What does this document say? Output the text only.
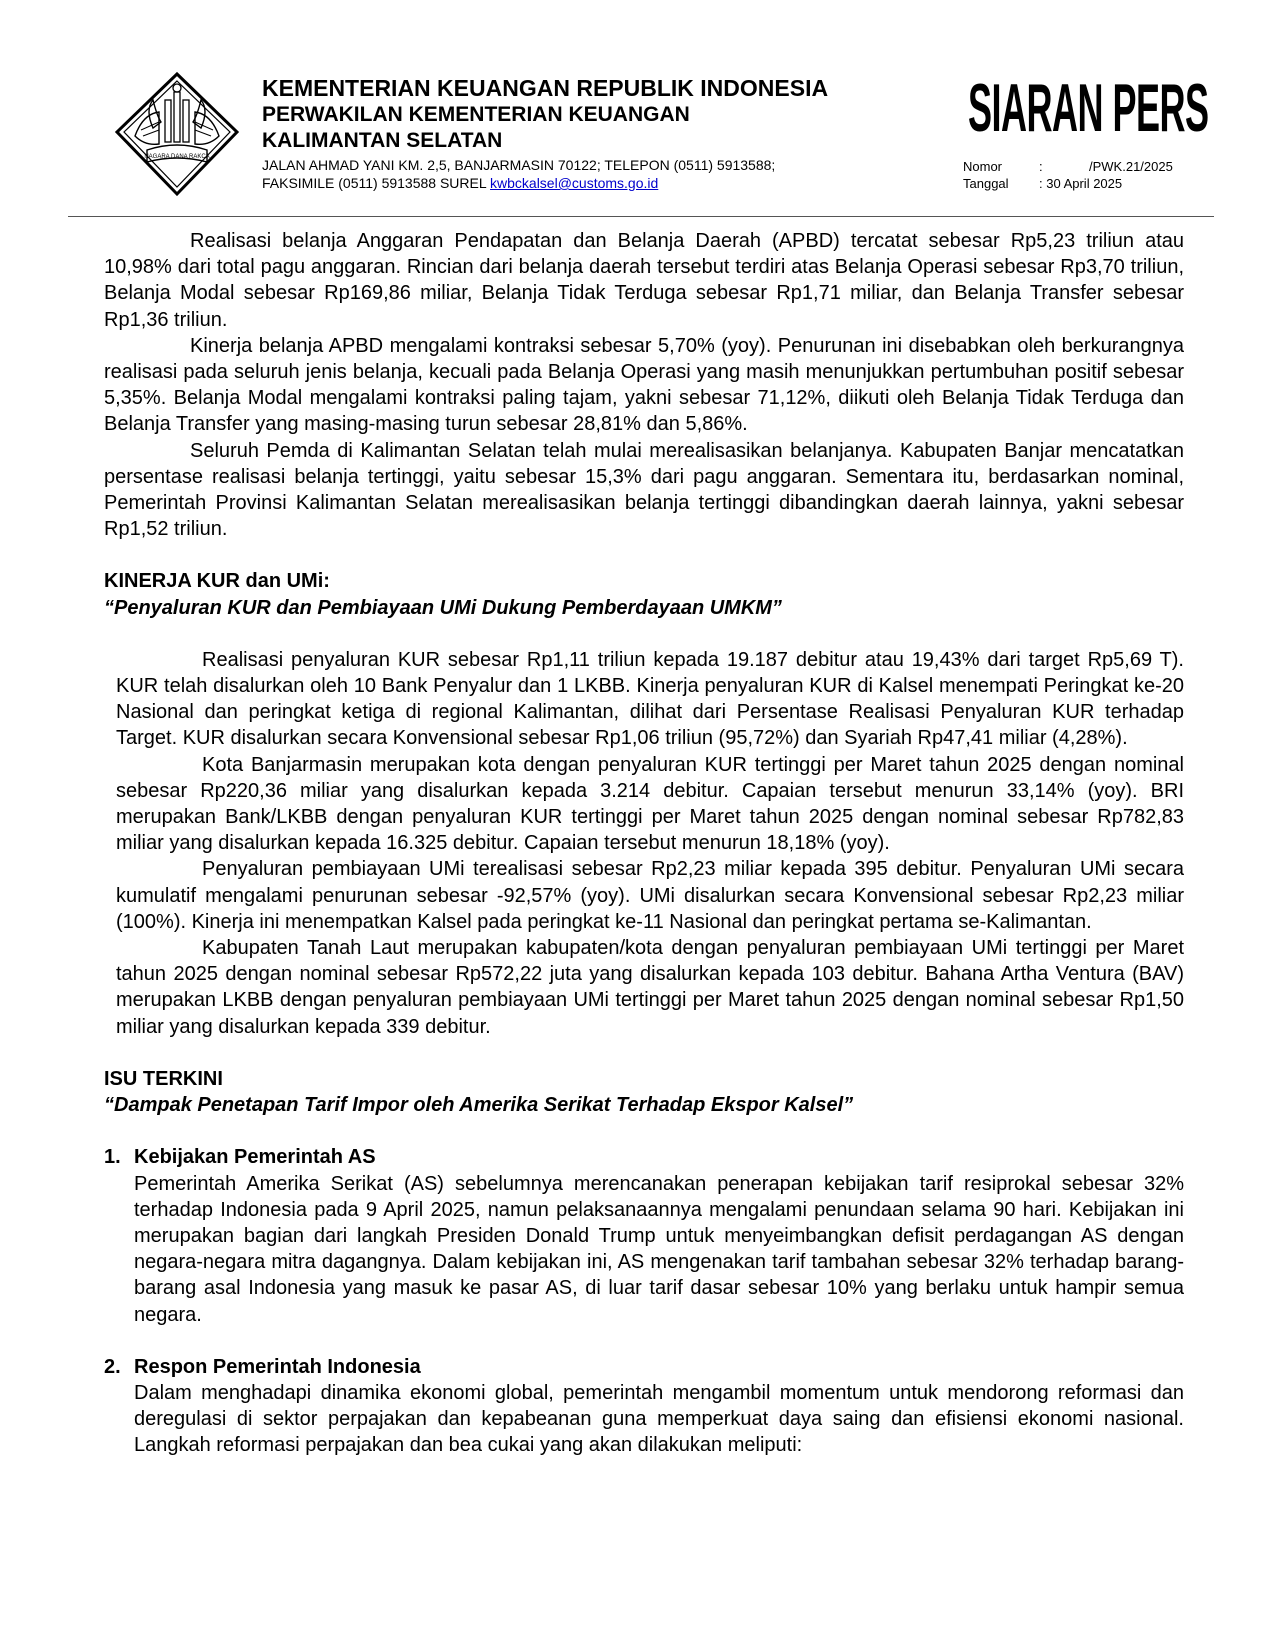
NAGARA DANA RAKCA
KEMENTERIAN KEUANGAN REPUBLIK INDONESIA
PERWAKILAN KEMENTERIAN KEUANGAN
KALIMANTAN SELATAN
JALAN AHMAD YANI KM. 2,5, BANJARMASIN 70122; TELEPON (0511) 5913588;
FAKSIMILE (0511) 5913588 SUREL kwbckalsel@customs.go.id
SIARAN PERS
Nomor	:	/PWK.21/2025
Tanggal : 30 April 2025

Realisasi belanja Anggaran Pendapatan dan Belanja Daerah (APBD) tercatat sebesar Rp5,23 triliun atau 10,98% dari total pagu anggaran. Rincian dari belanja daerah tersebut terdiri atas Belanja Operasi sebesar Rp3,70 triliun, Belanja Modal sebesar Rp169,86 miliar, Belanja Tidak Terduga sebesar Rp1,71 miliar, dan Belanja Transfer sebesar Rp1,36 triliun.

Kinerja belanja APBD mengalami kontraksi sebesar 5,70% (yoy). Penurunan ini disebabkan oleh berkurangnya realisasi pada seluruh jenis belanja, kecuali pada Belanja Operasi yang masih menunjukkan pertumbuhan positif sebesar 5,35%. Belanja Modal mengalami kontraksi paling tajam, yakni sebesar 71,12%, diikuti oleh Belanja Tidak Terduga dan Belanja Transfer yang masing-masing turun sebesar 28,81% dan 5,86%.

Seluruh Pemda di Kalimantan Selatan telah mulai merealisasikan belanjanya. Kabupaten Banjar mencatatkan persentase realisasi belanja tertinggi, yaitu sebesar 15,3% dari pagu anggaran. Sementara itu, berdasarkan nominal, Pemerintah Provinsi Kalimantan Selatan merealisasikan belanja tertinggi dibandingkan daerah lainnya, yakni sebesar Rp1,52 triliun.

KINERJA KUR dan UMi:

“Penyaluran KUR dan Pembiayaan UMi Dukung Pemberdayaan UMKM”

Realisasi penyaluran KUR sebesar Rp1,11 triliun kepada 19.187 debitur atau 19,43% dari target Rp5,69 T). KUR telah disalurkan oleh 10 Bank Penyalur dan 1 LKBB. Kinerja penyaluran KUR di Kalsel menempati Peringkat ke-20 Nasional dan peringkat ketiga di regional Kalimantan, dilihat dari Persentase Realisasi Penyaluran KUR terhadap Target. KUR disalurkan secara Konvensional sebesar Rp1,06 triliun (95,72%) dan Syariah Rp47,41 miliar (4,28%).

Kota Banjarmasin merupakan kota dengan penyaluran KUR tertinggi per Maret tahun 2025 dengan nominal sebesar Rp220,36 miliar yang disalurkan kepada 3.214 debitur. Capaian tersebut menurun 33,14% (yoy). BRI merupakan Bank/LKBB dengan penyaluran KUR tertinggi per Maret tahun 2025 dengan nominal sebesar Rp782,83 miliar yang disalurkan kepada 16.325 debitur. Capaian tersebut menurun 18,18% (yoy).

Penyaluran pembiayaan UMi terealisasi sebesar Rp2,23 miliar kepada 395 debitur. Penyaluran UMi secara kumulatif mengalami penurunan sebesar -92,57% (yoy). UMi disalurkan secara Konvensional sebesar Rp2,23 miliar (100%). Kinerja ini menempatkan Kalsel pada peringkat ke-11 Nasional dan peringkat pertama se-Kalimantan.

Kabupaten Tanah Laut merupakan kabupaten/kota dengan penyaluran pembiayaan UMi tertinggi per Maret tahun 2025 dengan nominal sebesar Rp572,22 juta yang disalurkan kepada 103 debitur. Bahana Artha Ventura (BAV) merupakan LKBB dengan penyaluran pembiayaan UMi tertinggi per Maret tahun 2025 dengan nominal sebesar Rp1,50 miliar yang disalurkan kepada 339 debitur.

ISU TERKINI

“Dampak Penetapan Tarif Impor oleh Amerika Serikat Terhadap Ekspor Kalsel”

1. Kebijakan Pemerintah AS

Pemerintah Amerika Serikat (AS) sebelumnya merencanakan penerapan kebijakan tarif resiprokal sebesar 32% terhadap Indonesia pada 9 April 2025, namun pelaksanaannya mengalami penundaan selama 90 hari. Kebijakan ini merupakan bagian dari langkah Presiden Donald Trump untuk menyeimbangkan defisit perdagangan AS dengan negara-negara mitra dagangnya. Dalam kebijakan ini, AS mengenakan tarif tambahan sebesar 32% terhadap barang-barang asal Indonesia yang masuk ke pasar AS, di luar tarif dasar sebesar 10% yang berlaku untuk hampir semua negara.

2. Respon Pemerintah Indonesia

Dalam menghadapi dinamika ekonomi global, pemerintah mengambil momentum untuk mendorong reformasi dan deregulasi di sektor perpajakan dan kepabeanan guna memperkuat daya saing dan efisiensi ekonomi nasional. Langkah reformasi perpajakan dan bea cukai yang akan dilakukan meliputi:
